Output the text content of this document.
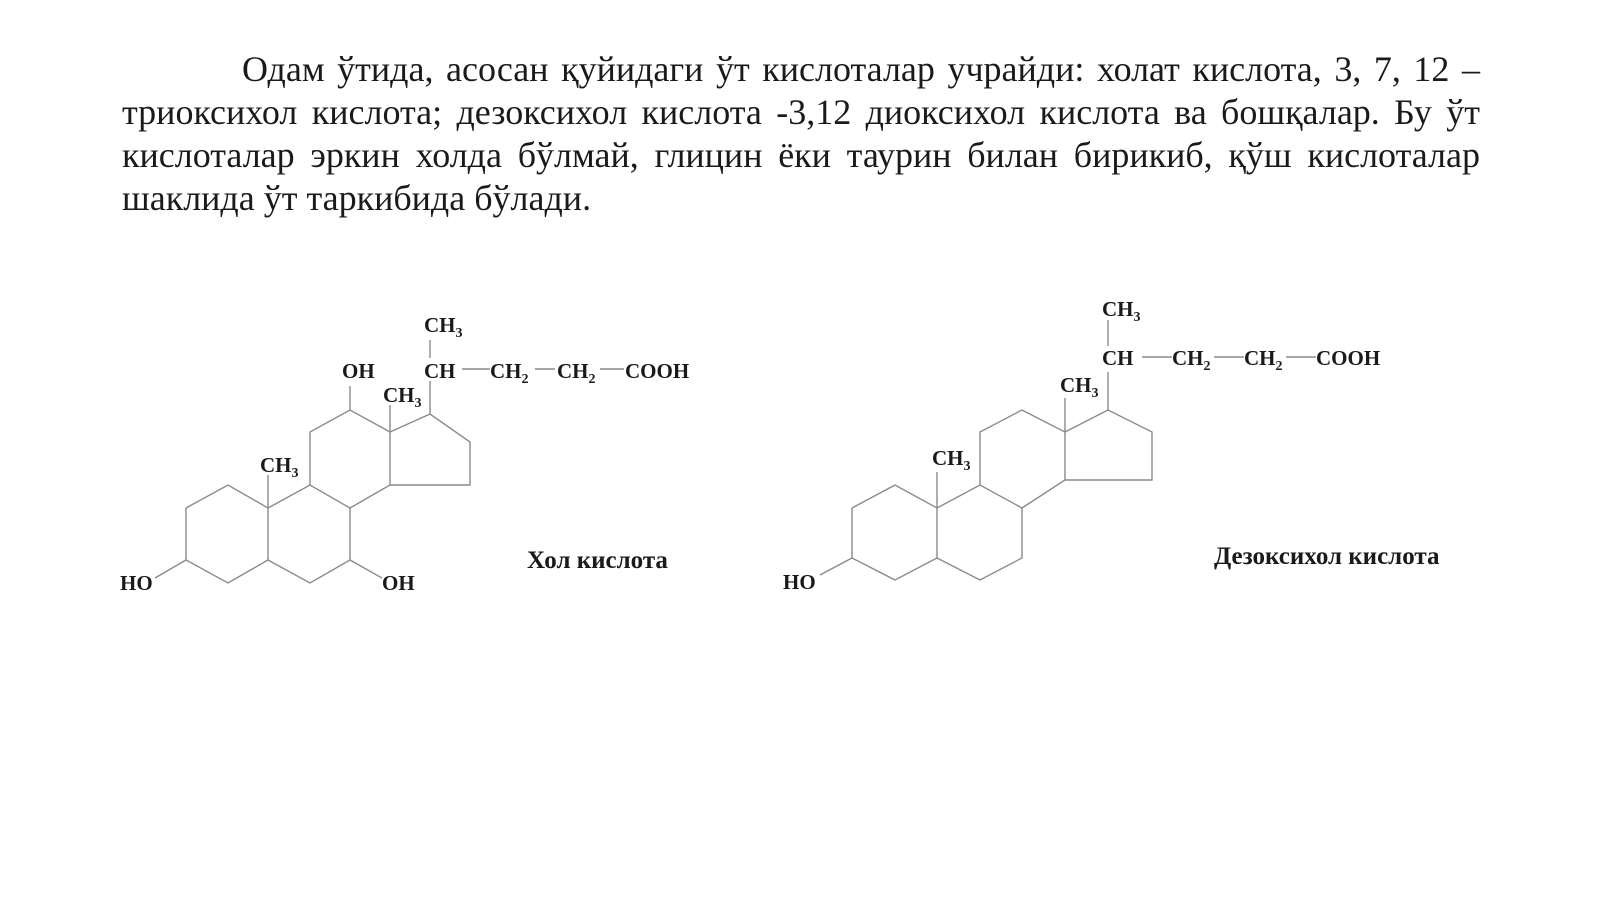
Одам ўтида, асосан қуйидаги ўт кислоталар учрайди: холат кислота, 3, 7, 12 – триоксихол кислота; дезоксихол кислота -3,12 диоксихол кислота ва бошқалар. Бу ўт кислоталар эркин холда бўлмай, глицин ёки таурин билан бирикиб, қўш кислоталар шаклида ўт таркибида бўлади.

$CH_3$
OH CH $CH_2$ $CH_2$ COOH
$CH_3$
$CH_3$
HO	OH
Хол кислота
$CH_3$
CH $CH_2$ $CH_2$ COOH
$CH_3$
$CH_3$
HO
Дезоксихол кислота
